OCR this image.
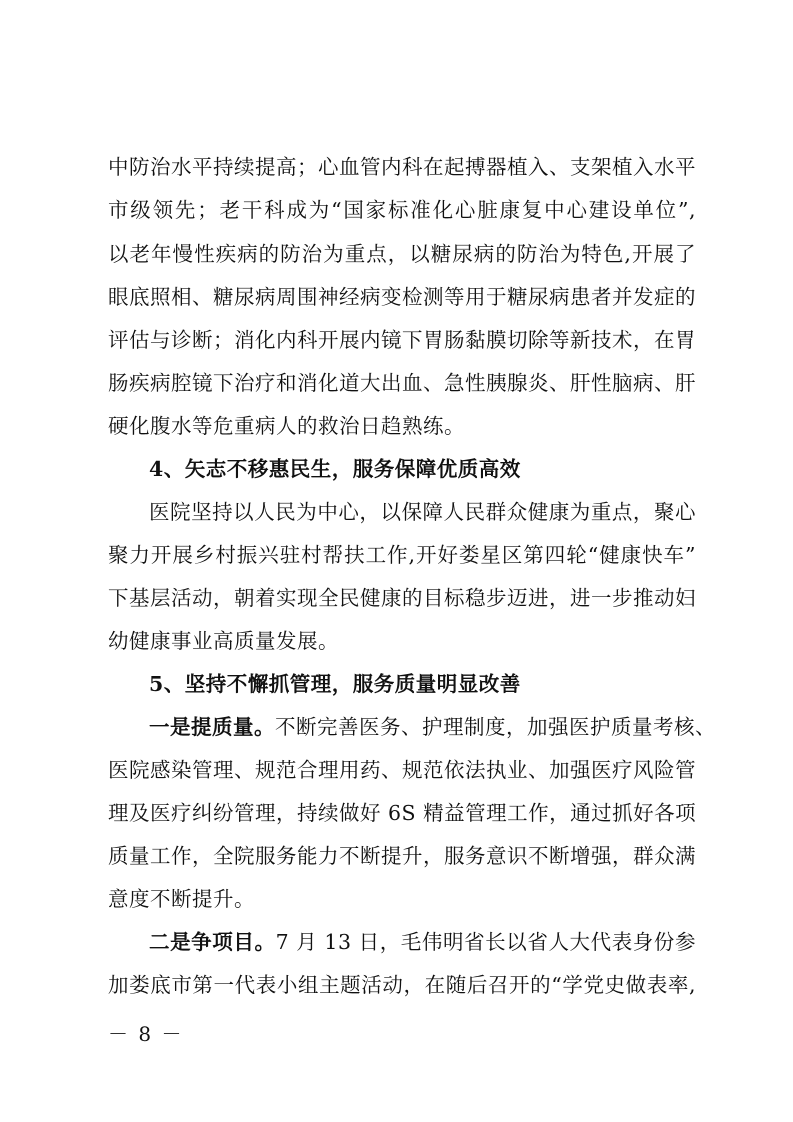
中防治水平持续提高；心血管内科在起搏器植入、支架植入水平
市级领先；老干科成为“国家标准化心脏康复中心建设单位”,
以老年慢性疾病的防治为重点，以糖尿病的防治为特色,开展了
眼底照相、糖尿病周围神经病变检测等用于糖尿病患者并发症的
评估与诊断；消化内科开展内镜下胃肠黏膜切除等新技术，在胃
肠疾病腔镜下治疗和消化道大出血、急性胰腺炎、肝性脑病、肝
硬化腹水等危重病人的救治日趋熟练。
4、矢志不移惠民生，服务保障优质高效
医院坚持以人民为中心，以保障人民群众健康为重点，聚心
聚力开展乡村振兴驻村帮扶工作,开好娄星区第四轮“健康快车”
下基层活动，朝着实现全民健康的目标稳步迈进，进一步推动妇
幼健康事业高质量发展。
5、坚持不懈抓管理，服务质量明显改善
一是提质量。不断完善医务、护理制度，加强医护质量考核、
医院感染管理、规范合理用药、规范依法执业、加强医疗风险管
理及医疗纠纷管理，持续做好 6S 精益管理工作，通过抓好各项
质量工作，全院服务能力不断提升，服务意识不断增强，群众满
意度不断提升。
二是争项目。7 月 13 日，毛伟明省长以省人大代表身份参
加娄底市第一代表小组主题活动，在随后召开的“学党史做表率,
－ 8 －
